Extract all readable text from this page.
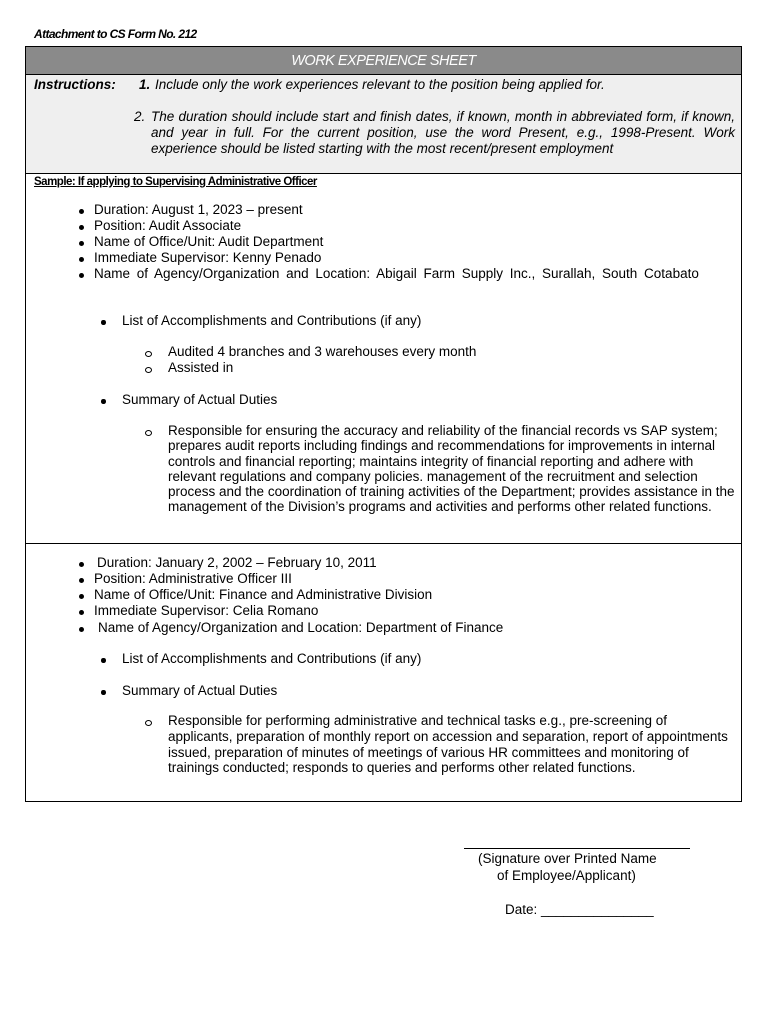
Attachment to CS Form No. 212
WORK EXPERIENCE SHEET
Instructions: 1. Include only the work experiences relevant to the position being applied for.
2. The duration should include start and finish dates, if known, month in abbreviated form, if known, and year in full. For the current position, use the word Present, e.g., 1998-Present. Work experience should be listed starting with the most recent/present employment
Sample: If applying to Supervising Administrative Officer
Duration: August 1, 2023 – present
Position: Audit Associate
Name of Office/Unit: Audit Department
Immediate Supervisor: Kenny Penado
Name of Agency/Organization and Location: Abigail Farm Supply Inc., Surallah, South Cotabato
List of Accomplishments and Contributions (if any)
Audited 4 branches and 3 warehouses every month
Assisted in
Summary of Actual Duties
Responsible for ensuring the accuracy and reliability of the financial records vs SAP system; prepares audit reports including findings and recommendations for improvements in internal controls and financial reporting; maintains integrity of financial reporting and adhere with relevant regulations and company policies. management of the recruitment and selection process and the coordination of training activities of the Department; provides assistance in the management of the Division’s programs and activities and performs other related functions.
Duration: January 2, 2002 – February 10, 2011
Position: Administrative Officer III
Name of Office/Unit: Finance and Administrative Division
Immediate Supervisor: Celia Romano
Name of Agency/Organization and Location: Department of Finance
List of Accomplishments and Contributions (if any)
Summary of Actual Duties
Responsible for performing administrative and technical tasks e.g., pre-screening of applicants, preparation of monthly report on accession and separation, report of appointments issued, preparation of minutes of meetings of various HR committees and monitoring of trainings conducted; responds to queries and performs other related functions.
(Signature over Printed Name
of Employee/Applicant)
Date: _______________
